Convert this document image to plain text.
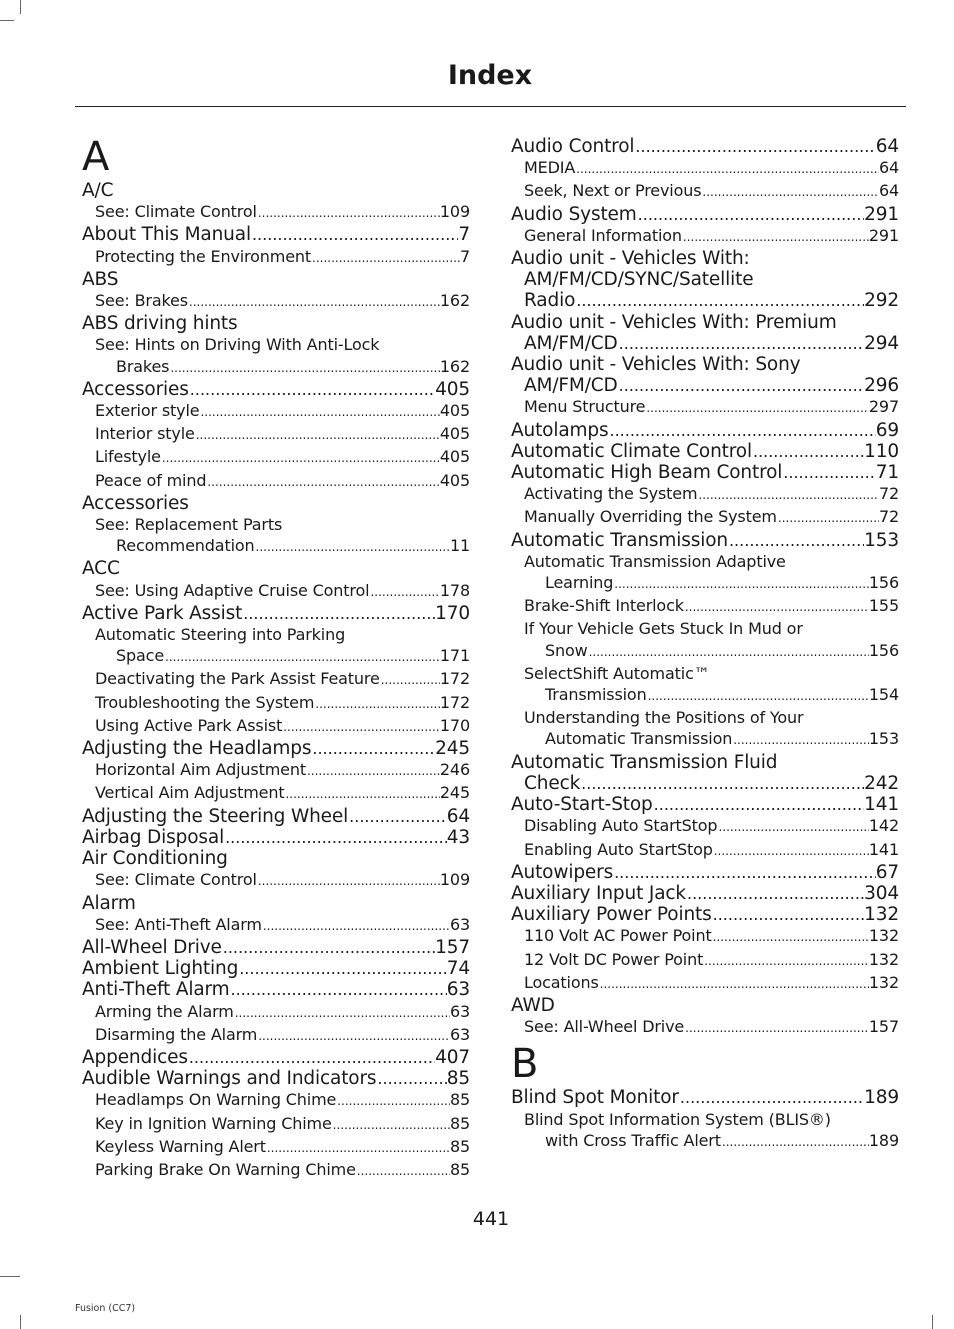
Index
A
A/C
See: Climate Control .....	109
About This Manual .....	7
Protecting the Environment .....	7
ABS
See: Brakes .....	162
ABS driving hints
See: Hints on Driving With Anti-Lock
Brakes .....	162
Accessories .....	405
Exterior style .....	405
Interior style .....	405
Lifestyle .....	405
Peace of mind .....	405
Accessories
See: Replacement Parts
Recommendation .....	11
ACC
See: Using Adaptive Cruise Control .....	178
Active Park Assist .....	170
Automatic Steering into Parking
Space .....	171
Deactivating the Park Assist Feature .....	172
Troubleshooting the System .....	172
Using Active Park Assist .....	170
Adjusting the Headlamps .....	245
Horizontal Aim Adjustment .....	246
Vertical Aim Adjustment .....	245
Adjusting the Steering Wheel .....	64
Airbag Disposal .....	43
Air Conditioning
See: Climate Control .....	109
Alarm
See: Anti-Theft Alarm .....	63
All-Wheel Drive .....	157
Ambient Lighting .....	74
Anti-Theft Alarm .....	63
Arming the Alarm .....	63
Disarming the Alarm .....	63
Appendices .....	407
Audible Warnings and Indicators .....	85
Headlamps On Warning Chime .....	85
Key in Ignition Warning Chime .....	85
Keyless Warning Alert .....	85
Parking Brake On Warning Chime .....	85
Audio Control .....	64
MEDIA .....	64
Seek, Next or Previous .....	64
Audio System .....	291
General Information .....	291
Audio unit - Vehicles With:
AM/FM/CD/SYNC/Satellite
Radio .....	292
Audio unit - Vehicles With: Premium
AM/FM/CD .....	294
Audio unit - Vehicles With: Sony
AM/FM/CD .....	296
Menu Structure .....	297
Autolamps .....	69
Automatic Climate Control .....	110
Automatic High Beam Control .....	71
Activating the System .....	72
Manually Overriding the System .....	72
Automatic Transmission .....	153
Automatic Transmission Adaptive
Learning .....	156
Brake-Shift Interlock .....	155
If Your Vehicle Gets Stuck In Mud or
Snow .....	156
SelectShift Automatic™
Transmission .....	154
Understanding the Positions of Your
Automatic Transmission .....	153
Automatic Transmission Fluid
Check .....	242
Auto-Start-Stop .....	141
Disabling Auto StartStop .....	142
Enabling Auto StartStop .....	141
Autowipers .....	67
Auxiliary Input Jack .....	304
Auxiliary Power Points .....	132
110 Volt AC Power Point .....	132
12 Volt DC Power Point .....	132
Locations .....	132
AWD
See: All-Wheel Drive .....	157
B
Blind Spot Monitor .....	189
Blind Spot Information System (BLIS®)
with Cross Traffic Alert .....	189
441
Fusion (CC7)
